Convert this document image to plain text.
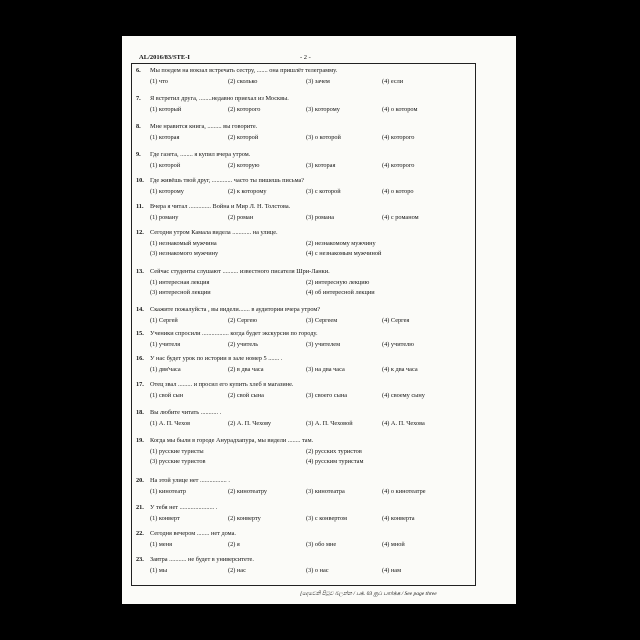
AL/2016/83/STE-I	- 2 -
6. Мы поедем на вокзал встречать сестру, ....... она пришлёт телеграмму.
(1) что	(2) сколько	(3) зачем	(4) если
7. Я встретил друга, ........недавно приехал из Москвы.
(1) который	(2) которого	(3) которому	(4) о котором
8. Мне нравится книга, ......... вы говорите.
(1) которая	(2) которой	(3) о которой	(4) которого
9. Где газета, ........ я купил вчера утром.
(1) которой	(2) которую	(3) которая	(4) которого
10. Где живёшь твой друг, ............. часто ты пишешь письма?
(1) которому	(2) к которому	(3) с которой	(4) о которо
11. Вчера я читал .............. Война и Мир Л. Н. Толстова.
(1) роману	(2) роман	(3) романа	(4) с романом
12. Сегодня утром Камала видела ............ на улице.
(1) незнакомый мужчина	(2) незнакомому мужчину
(3) незнакомого мужчину	(4) с незнакомым мужчиной
13. Сейчас студенты слушают .......... известного писателя Шри-Ланки.
(1) интересная лекция	(2) интересную лекцию
(3) интересной лекции	(4) об интересной лекции
14. Скажите пожалуйста , вы видели....... в аудитории вчера утром?
(1) Сергей	(2) Сергею	(3) Сергеем	(4) Сергея
15. Ученики спросили ................. когда будет экскурсия по городу.
(1) учителя	(2) учитель	(3) учителем	(4) учителю
16. У нас будет урок по истории в зале номер 5 ....... .
(1) двя'часа	(2) в два часа	(3) на два часа	(4) к два часа
17. Отец звал ......... и просил его купить хлеб в магазине.
(1) свой сын	(2) свой сына	(3) своего сына	(4) своему сыну
18. Вы любите читать ........... .
(1) А. П. Чехов	(2) А. П. Чехову	(3) А. П. Чеховой	(4) А. П. Чехова
19. Когда мы были в городе Анурадхапура, мы видели ........ там.
(1) русские туристы	(2) русских туристов
(3) русские туристов	(4) русским туристам
20. На этой улице нет ................. .
(1) кинотеатр	(2) кинотеатру	(3) кинотеатра	(4) о кинотеатре
21. У тебя нет ...................... .
(1) конверт	(2) конверту	(3) с конвертом	(4) конверта
22. Сегодня вечером ........ нет дома.
(1) меня	(2) я	(3) обо мне	(4) мной
23. Завтра ........... не будет в университете.
(1) мы	(2) нас	(3) о нас	(4) нам
[දෙවෙනි පිටුව බලන්න / பக். 03 ஐப் பார்க்க / See page three
